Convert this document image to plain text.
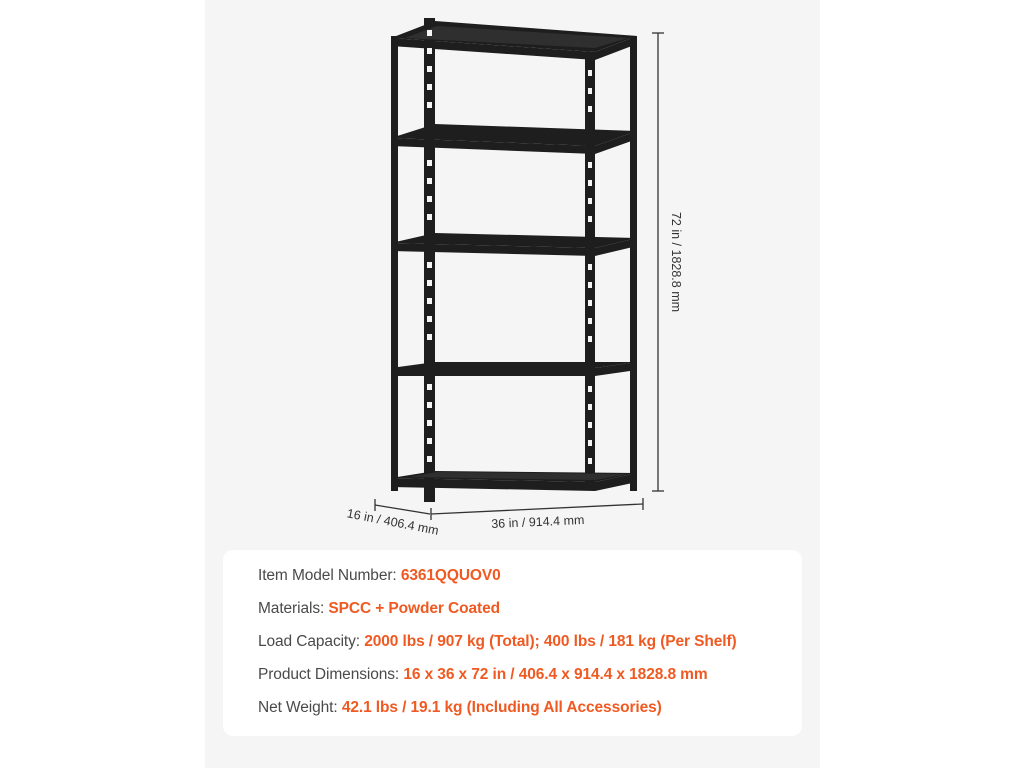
72 in / 1828.8 mm
36 in / 914.4 mm
16 in / 406.4 mm
Item Model Number: 6361QQUOV0
Materials: SPCC + Powder Coated
Load Capacity: 2000 lbs / 907 kg (Total); 400 lbs / 181 kg (Per Shelf)
Product Dimensions: 16 x 36 x 72 in / 406.4 x 914.4 x 1828.8 mm
Net Weight: 42.1 lbs / 19.1 kg (Including All Accessories)
